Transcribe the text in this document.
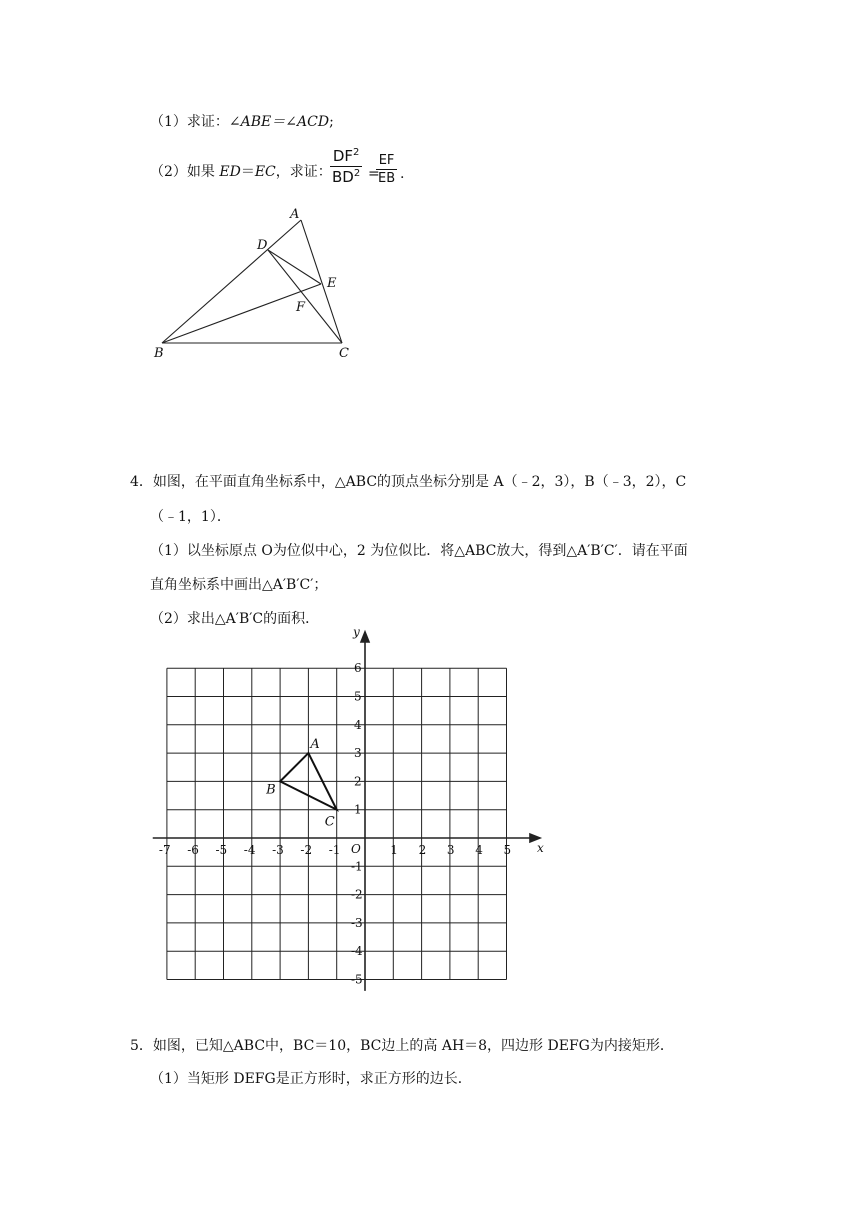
（1）求证：∠ABE＝∠ACD;
（2）如果 ED＝EC，求证：
$DF^2$
$BD^2$ =
EF
EB .
A
D
E
F
B	C
4．如图，在平面直角坐标系中，△ABC的顶点坐标分别是 A（﹣2，3），B（﹣3，2），C
（﹣1，1）．
（1）以坐标原点 O为位似中心，2 为位似比．将△ABC放大，得到△A′B′C′．请在平面
直角坐标系中画出△A′B′C′；
（2）求出△A′B′C的面积．
-7 -6 -5 -4 -3 -2 -1	1 2 3 4 5
6
5
4
3
2
1
-1
-2
-3
-4
-5
O	x
y
A
B
C
5．如图，已知△ABC中，BC＝10，BC边上的高 AH＝8，四边形 DEFG为内接矩形．
（1）当矩形 DEFG是正方形时，求正方形的边长．
